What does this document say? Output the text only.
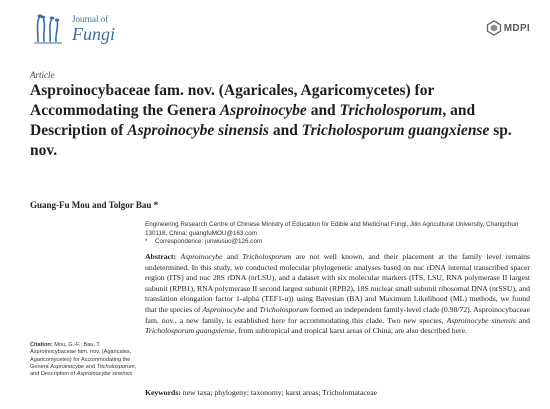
Journal of
Fungi	MDPI
Article
Asproinocybaceae fam. nov. (Agaricales, Agaricomycetes) for Accommodating the Genera Asproinocybe and Tricholosporum, and Description of Asproinocybe sinensis and Tricholosporum guangxiense sp. nov.
Guang-Fu Mou and Tolgor Bau *
Engineering Research Centre of Chinese Ministry of Education for Edible and Medicinal Fungi, Jilin Agricultural University, Changchun 130118, China; guangfuMOU@163.com
* Correspondence: junwusuo@126.com
Abstract: Asproinocybe and Tricholosporum are not well known, and their placement at the family level remains undetermined. In this study, we conducted molecular phylogenetic analyses based on nuc rDNA internal transcribed spacer region (ITS) and nuc 28S rDNA (nrLSU), and a dataset with six molecular markers (ITS, LSU, RNA polymerase II largest subunit (RPB1), RNA polymerase II second largest subunit (RPB2), 18S nuclear small subunit ribosomal DNA (nrSSU), and translation elongation factor 1-alpha (TEF1-α)) using Bayesian (BA) and Maximum Likelihood (ML) methods, we found that the species of Asproinocybe and Tricholosporum formed an independent family-level clade (0.98/72). Asproinocybaceae fam. nov., a new family, is established here for accommodating this clade. Two new species, Asproinocybe sinensis and Tricholosporum guangxiense, from subtropical and tropical karst areas of China, are also described here.
Keywords: new taxa; phylogeny; taxonomy; karst areas; Tricholomataceae
Citation: Mou, G.-F.; Bau, T. Asproinocybaceae fam. nov. (Agaricales, Agaricomycetes) for Accommodating the Genera Asproinocybe and Tricholosporum, and Description of Asproinocybe sinensis
